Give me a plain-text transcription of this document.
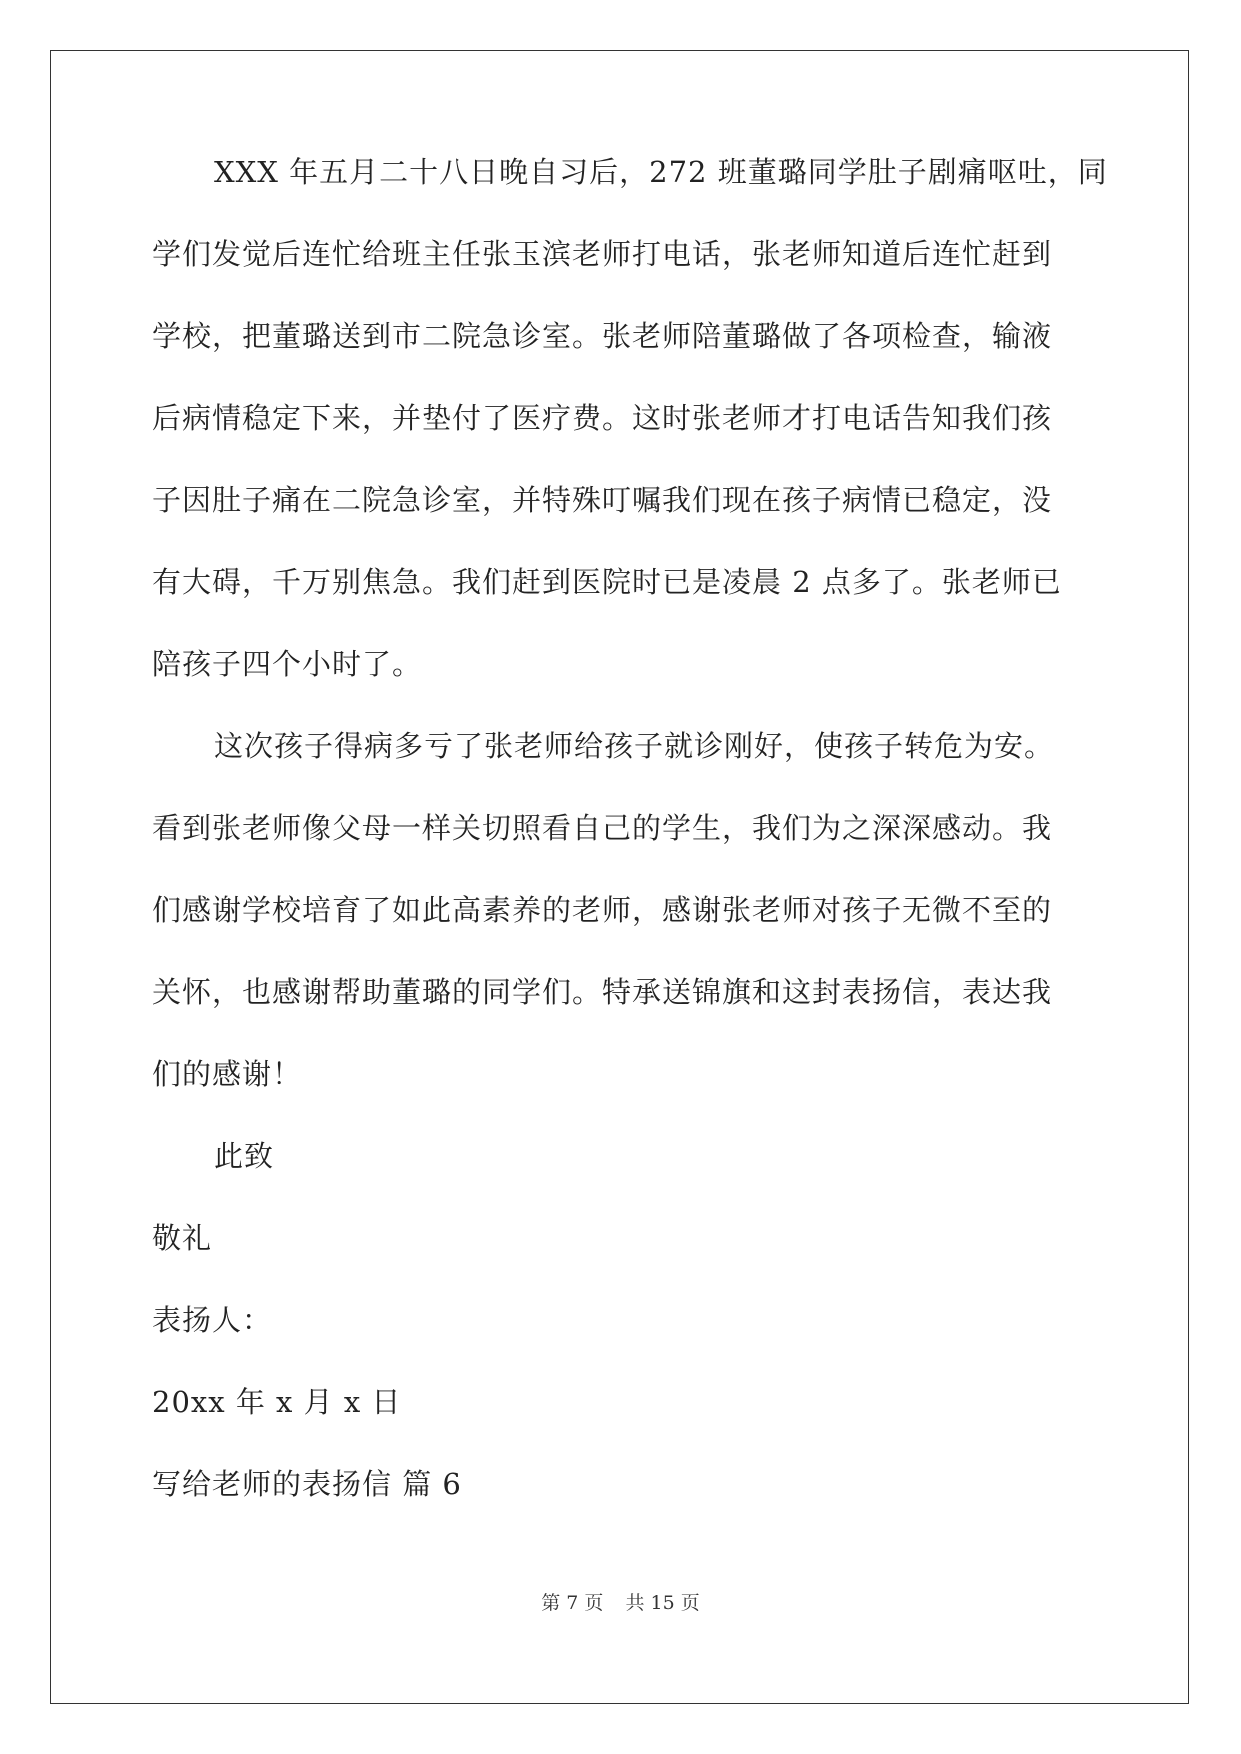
XXX 年五月二十八日晚自习后，272 班董璐同学肚子剧痛呕吐，同
学们发觉后连忙给班主任张玉滨老师打电话，张老师知道后连忙赶到
学校，把董璐送到市二院急诊室。张老师陪董璐做了各项检查，输液
后病情稳定下来，并垫付了医疗费。这时张老师才打电话告知我们孩
子因肚子痛在二院急诊室，并特殊叮嘱我们现在孩子病情已稳定，没
有大碍，千万别焦急。我们赶到医院时已是凌晨 2 点多了。张老师已
陪孩子四个小时了。
这次孩子得病多亏了张老师给孩子就诊刚好，使孩子转危为安。
看到张老师像父母一样关切照看自己的学生，我们为之深深感动。我
们感谢学校培育了如此高素养的老师，感谢张老师对孩子无微不至的
关怀，也感谢帮助董璐的同学们。特承送锦旗和这封表扬信，表达我
们的感谢！
此致
敬礼
表扬人：
20xx 年 x 月 x 日
写给老师的表扬信 篇 6
第 7 页 共 15 页
